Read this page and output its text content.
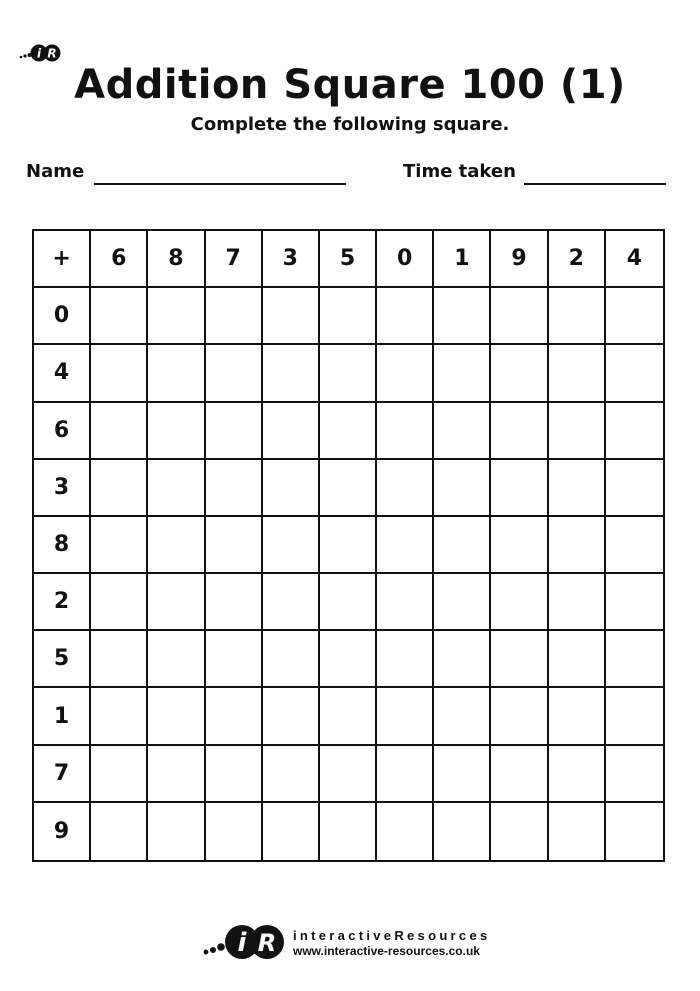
i R
Addition Square 100 (1)
Complete the following square.
Name	Time taken
+	6	8	7	3	5	0	1	9	2	4
0
4
6
3
8
2
5
1
7
9
i R interactiveResources
www.interactive-resources.co.uk
